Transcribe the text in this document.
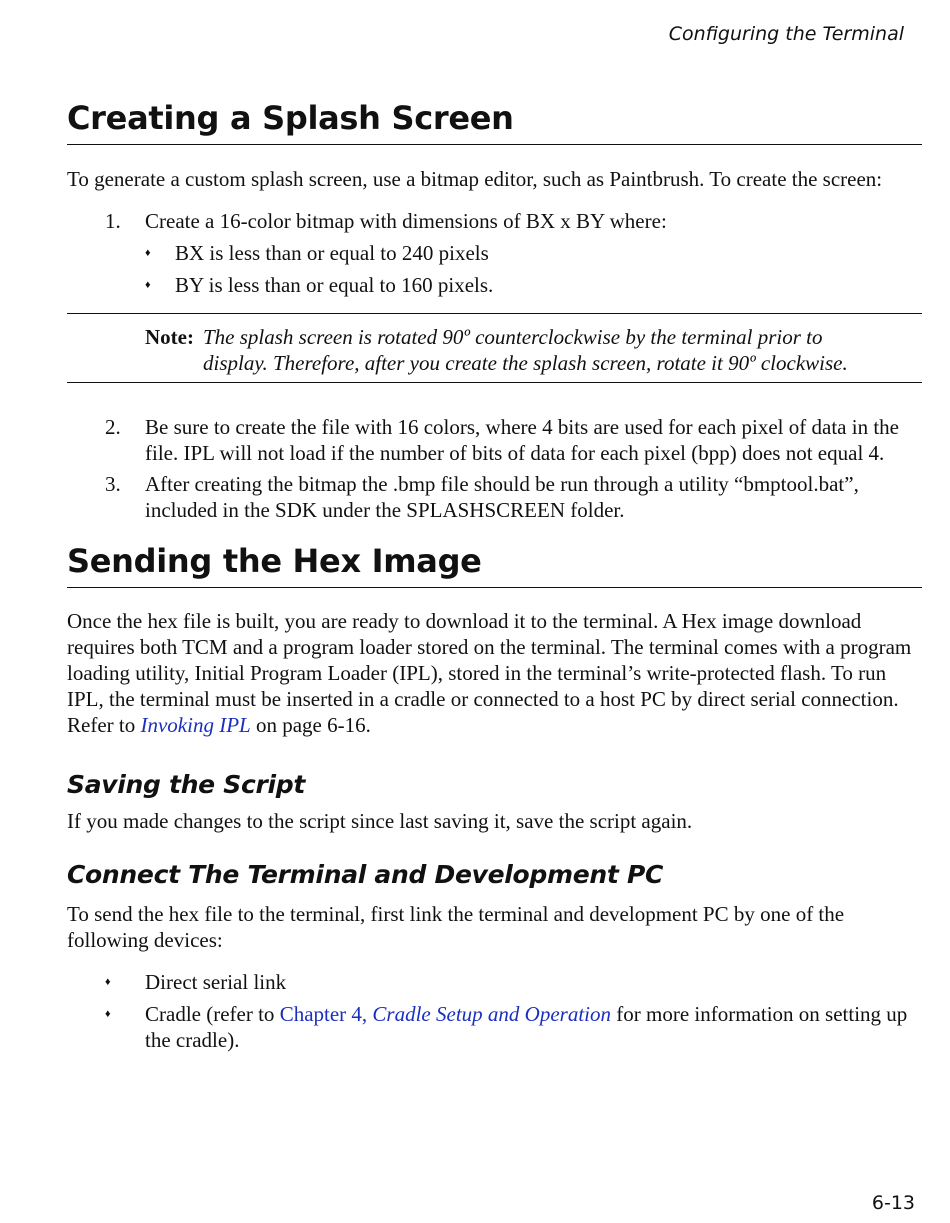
Configuring the Terminal
Creating a Splash Screen

To generate a custom splash screen, use a bitmap editor, such as Paintbrush. To create the screen:

1.	Create a 16-color bitmap with dimensions of BX x BY where:
♦	BX is less than or equal to 240 pixels
♦	BY is less than or equal to 160 pixels.
Note: The splash screen is rotated 90º counterclockwise by the terminal prior to display. Therefore, after you create the splash screen, rotate it 90º clockwise.
2.	Be sure to create the file with 16 colors, where 4 bits are used for each pixel of data in the file. IPL will not load if the number of bits of data for each pixel (bpp) does not equal 4.
3.	After creating the bitmap the .bmp file should be run through a utility “bmptool.bat”, included in the SDK under the SPLASHSCREEN folder.
Sending the Hex Image

Once the hex file is built, you are ready to download it to the terminal. A Hex image download requires both TCM and a program loader stored on the terminal. The terminal comes with a program loading utility, Initial Program Loader (IPL), stored in the terminal’s write-protected flash. To run IPL, the terminal must be inserted in a cradle or connected to a host PC by direct serial connection. Refer to Invoking IPL on page 6-16.

Saving the Script

If you made changes to the script since last saving it, save the script again.

Connect The Terminal and Development PC

To send the hex file to the terminal, first link the terminal and development PC by one of the following devices:

♦	Direct serial link
♦	Cradle (refer to Chapter 4, Cradle Setup and Operation for more information on setting up the cradle).
6-13
